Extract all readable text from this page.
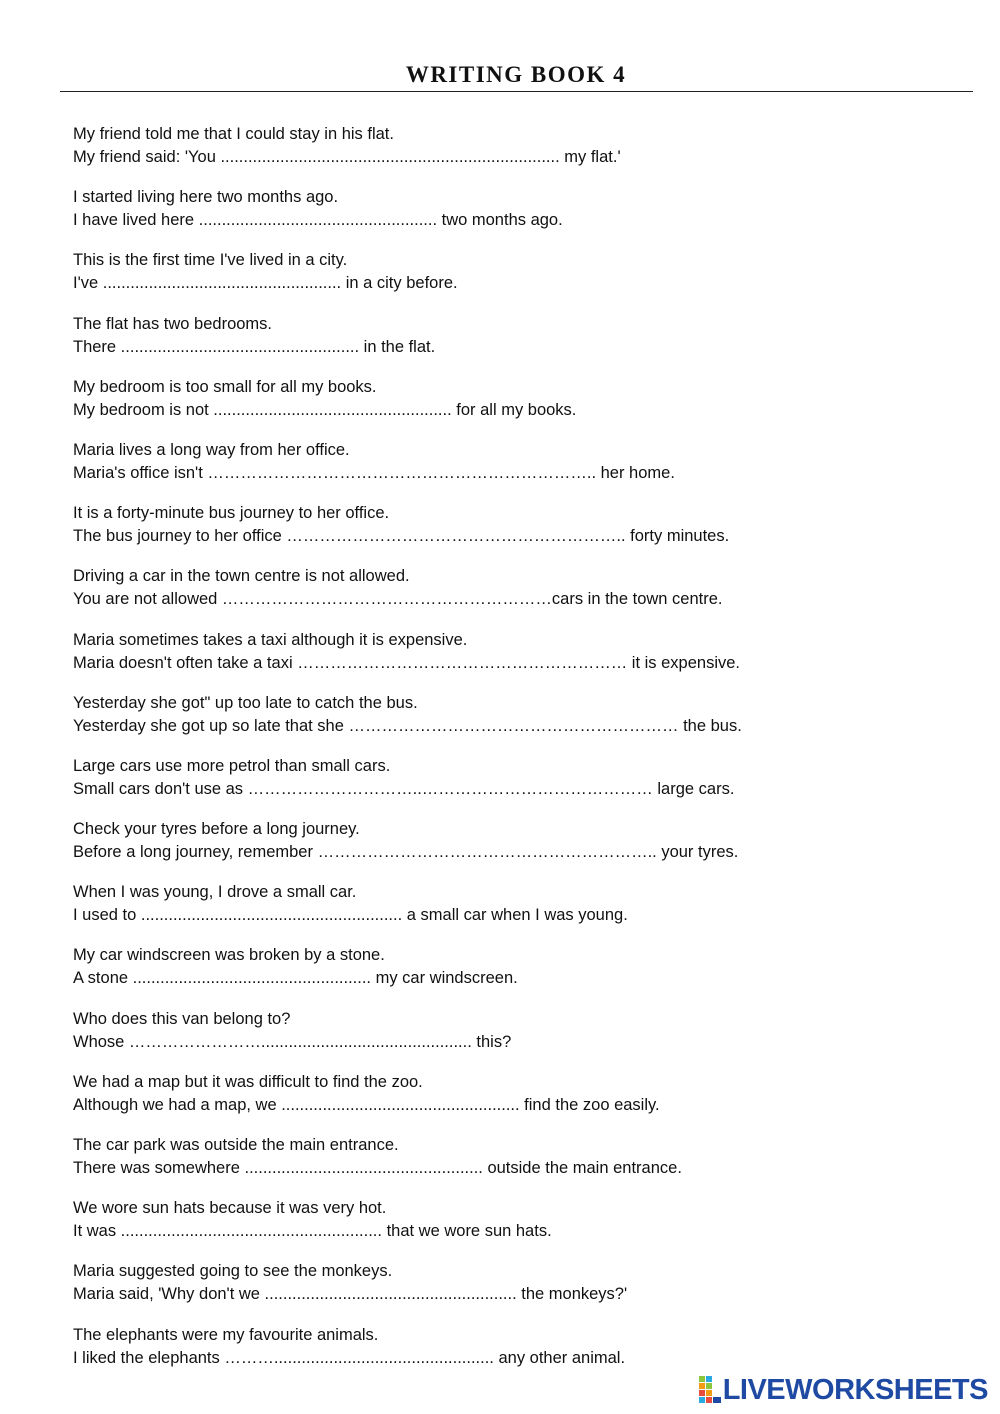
WRITING BOOK 4
My friend told me that I could stay in his flat.
My friend said: 'You .......................................................................... my flat.'
I started living here two months ago.
I have lived here .................................................... two months ago.
This is the first time I've lived in a city.
I've .................................................... in a city before.
The flat has two bedrooms.
There .................................................... in the flat.
My bedroom is too small for all my books.
My bedroom is not .................................................... for all my books.
Maria lives a long way from her office.
Maria's office isn't …………………………………………………………….. her home.
It is a forty-minute bus journey to her office.
The bus journey to her office …………………………………………………….. forty minutes.
Driving a car in the town centre is not allowed.
You are not allowed ……………………………………………………cars in the town centre.
Maria sometimes takes a taxi although it is expensive.
Maria doesn't often take a taxi …………………………………………………… it is expensive.
Yesterday she got" up too late to catch the bus.
Yesterday she got up so late that she …………………………………………………… the bus.
Large cars use more petrol than small cars.
Small cars don't use as …………………………..…………………………………… large cars.
Check your tyres before a long journey.
Before a long journey, remember …………………………………………………….. your tyres.
When I was young, I drove a small car.
I used to ......................................................... a small car when I was young.
My car windscreen was broken by a stone.
A stone .................................................... my car windscreen.
Who does this van belong to?
Whose …………………….............................................. this?
We had a map but it was difficult to find the zoo.
Although we had a map, we .................................................... find the zoo easily.
The car park was outside the main entrance.
There was somewhere .................................................... outside the main entrance.
We wore sun hats because it was very hot.
It was ......................................................... that we wore sun hats.
Maria suggested going to see the monkeys.
Maria said, 'Why don't we ....................................................... the monkeys?'
The elephants were my favourite animals.
I liked the elephants ………................................................ any other animal.
LIVEWORKSHEETS
